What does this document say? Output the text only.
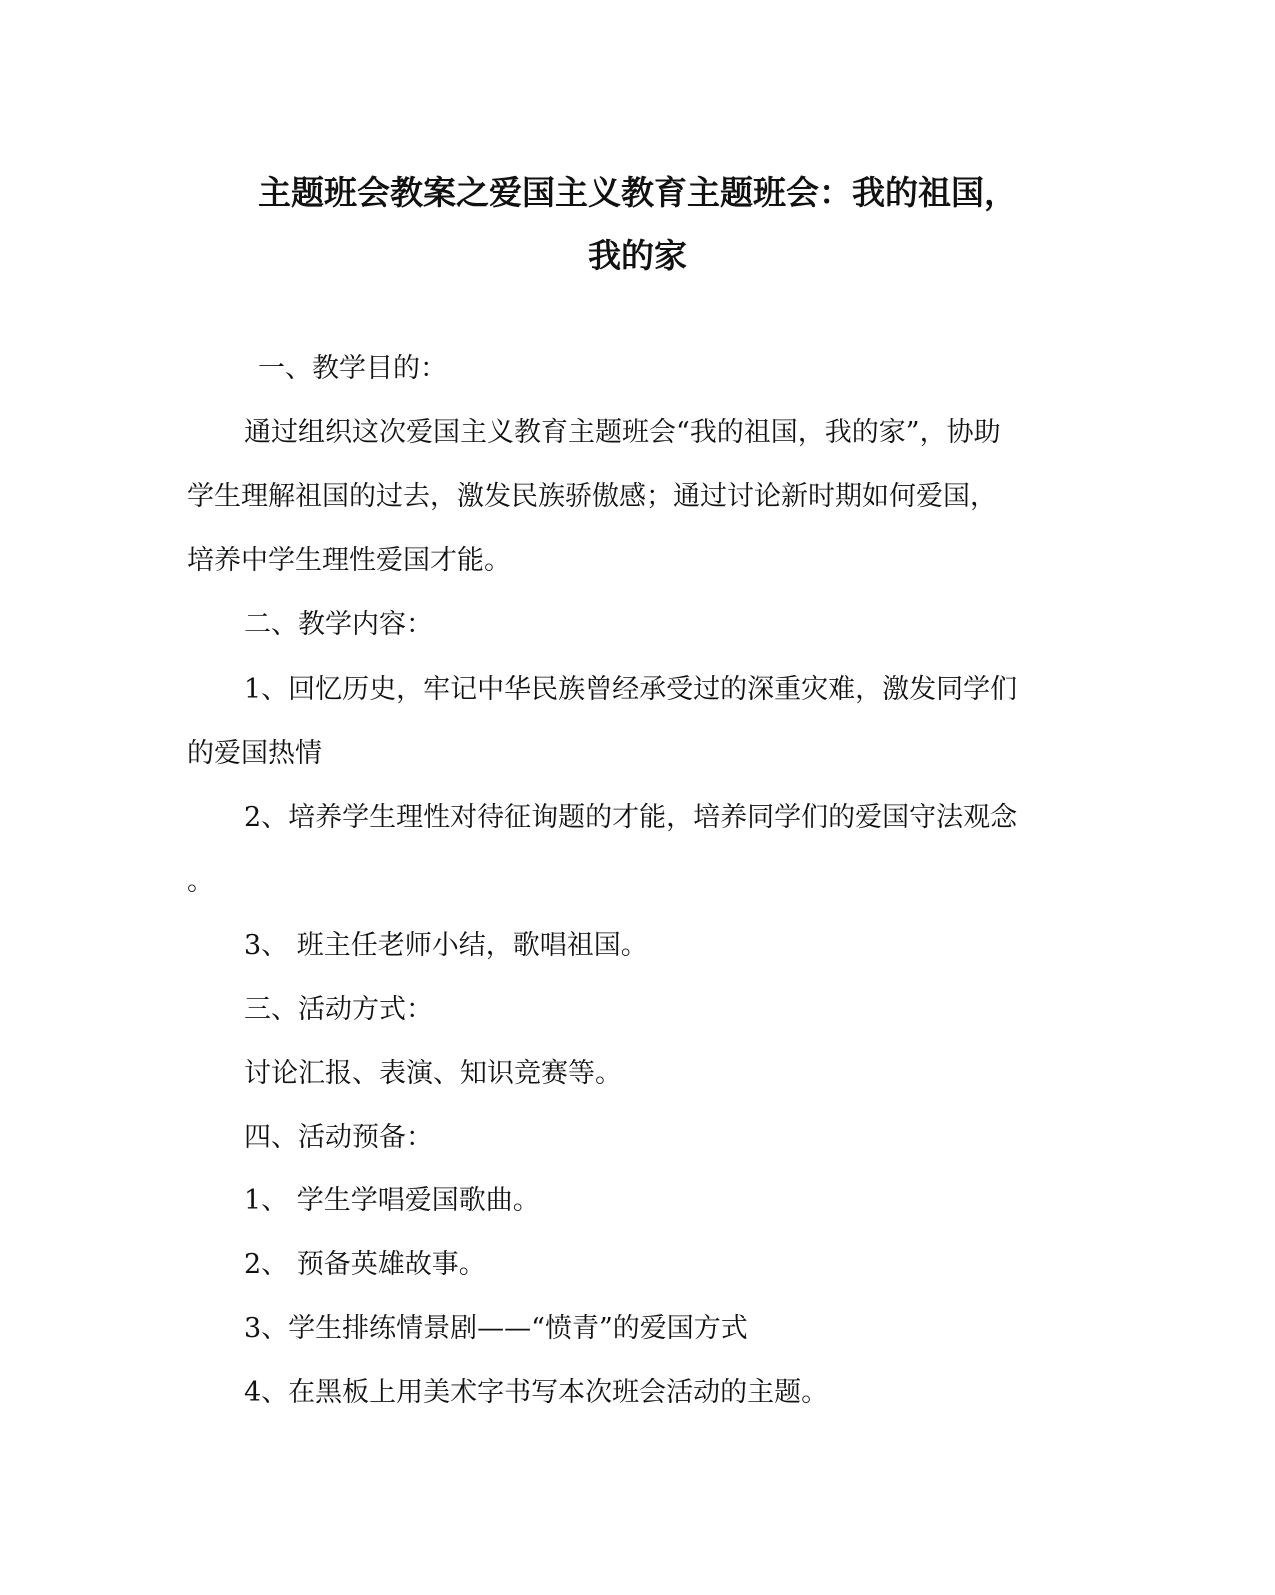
主题班会教案之爱国主义教育主题班会：我的祖国，
我的家
一、教学目的：
通过组织这次爱国主义教育主题班会“我的祖国，我的家”，协助
学生理解祖国的过去，激发民族骄傲感；通过讨论新时期如何爱国，
培养中学生理性爱国才能。
二、教学内容：
1、回忆历史，牢记中华民族曾经承受过的深重灾难，激发同学们
的爱国热情
2、培养学生理性对待征询题的才能，培养同学们的爱国守法观念
。
3、 班主任老师小结，歌唱祖国。
三、活动方式：
讨论汇报、表演、知识竞赛等。
四、活动预备：
1、 学生学唱爱国歌曲。
2、 预备英雄故事。
3、学生排练情景剧——“愤青”的爱国方式
4、在黑板上用美术字书写本次班会活动的主题。
